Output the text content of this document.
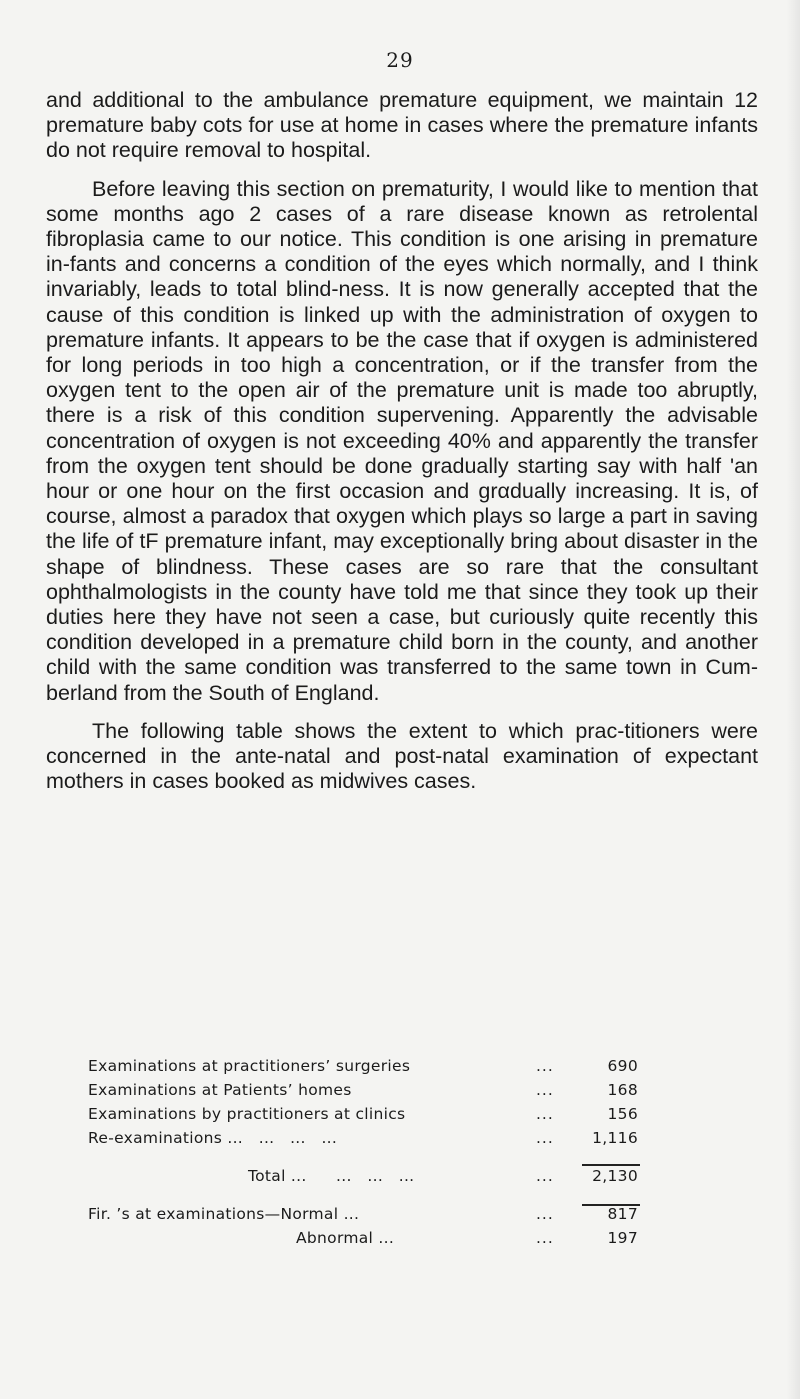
29

and additional to the ambulance premature equipment, we maintain 12 premature baby cots for use at home in cases where the premature infants do not require removal to hospital.

Before leaving this section on prematurity, I would like to mention that some months ago 2 cases of a rare disease known as retrolental fibroplasia came to our notice. This condition is one arising in premature in-fants and concerns a condition of the eyes which normally, and I think invariably, leads to total blind-ness. It is now generally accepted that the cause of this condition is linked up with the administration of oxygen to premature infants. It appears to be the case that if oxygen is administered for long periods in too high a concentration, or if the transfer from the oxygen tent to the open air of the premature unit is made too abruptly, there is a risk of this condition supervening. Apparently the advisable concentration of oxygen is not exceeding 40% and apparently the transfer from the oxygen tent should be done gradually starting say with half 'an hour or one hour on the first occasion and grαdually increasing. It is, of course, almost a paradox that oxygen which plays so large a part in saving the life of tF premature infant, may exceptionally bring about disaster in the shape of blindness. These cases are so rare that the consultant ophthalmologists in the county have told me that since they took up their duties here they have not seen a case, but curiously quite recently this condition developed in a premature child born in the county, and another child with the same condition was transferred to the same town in Cum-berland from the South of England.

The following table shows the extent to which prac-titioners were concerned in the ante-natal and post-natal examination of expectant mothers in cases booked as midwives cases.

Examinations at practitioners’ surgeries	...	690
Examinations at Patients’ homes	...	168
Examinations by practitioners at clinics	...	156
Re-examinations ...   ...   ...   ...	... 1,116
Total ... ...   ...   ...	... 2,130
Fir. ’s at examinations—Normal ...	...	817
Abnormal ...	...	197
